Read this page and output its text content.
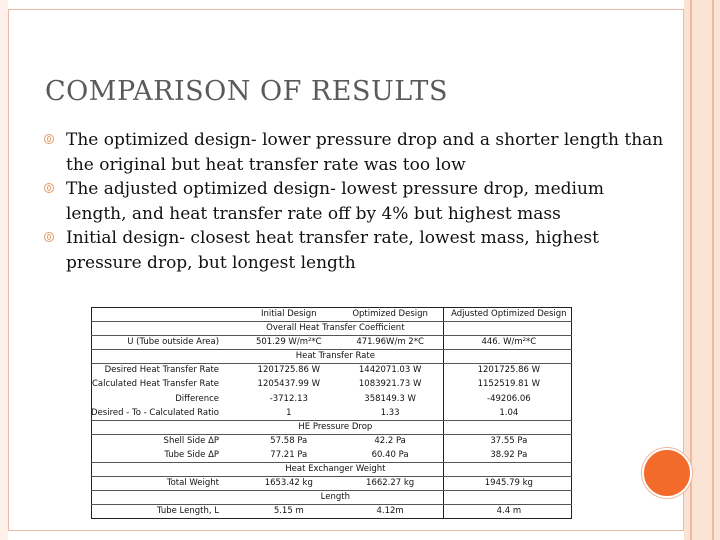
COMPARISON OF RESULTS
The optimized design- lower pressure drop and a shorter length than the original but heat transfer rate was too low
The adjusted optimized design- lowest pressure drop, medium length, and heat transfer rate off by 4% but highest mass
Initial design- closest heat transfer rate, lowest mass, highest pressure drop, but longest length
	Initial Design	Optimized Design	Adjusted Optimized Design
Overall Heat Transfer Coefficient			
U (Tube outside Area)	501.29 W/m²*C	471.96W/m 2*C	446. W/m²*C
Heat Transfer Rate			
Desired Heat Transfer Rate	1201725.86 W	1442071.03 W	1201725.86 W
Calculated Heat Transfer Rate	1205437.99 W	1083921.73 W	1152519.81 W
Difference	-3712.13	358149.3 W	-49206.06
Desired - To - Calculated Ratio	1	1.33	1.04
HE Pressure Drop			
Shell Side ΔP	57.58 Pa	42.2 Pa	37.55 Pa
Tube Side ΔP	77.21 Pa	60.40 Pa	38.92 Pa
Heat Exchanger Weight			
Total Weight	1653.42 kg	1662.27 kg	1945.79 kg
Length			
Tube Length, L	5.15 m	4.12m	4.4 m
